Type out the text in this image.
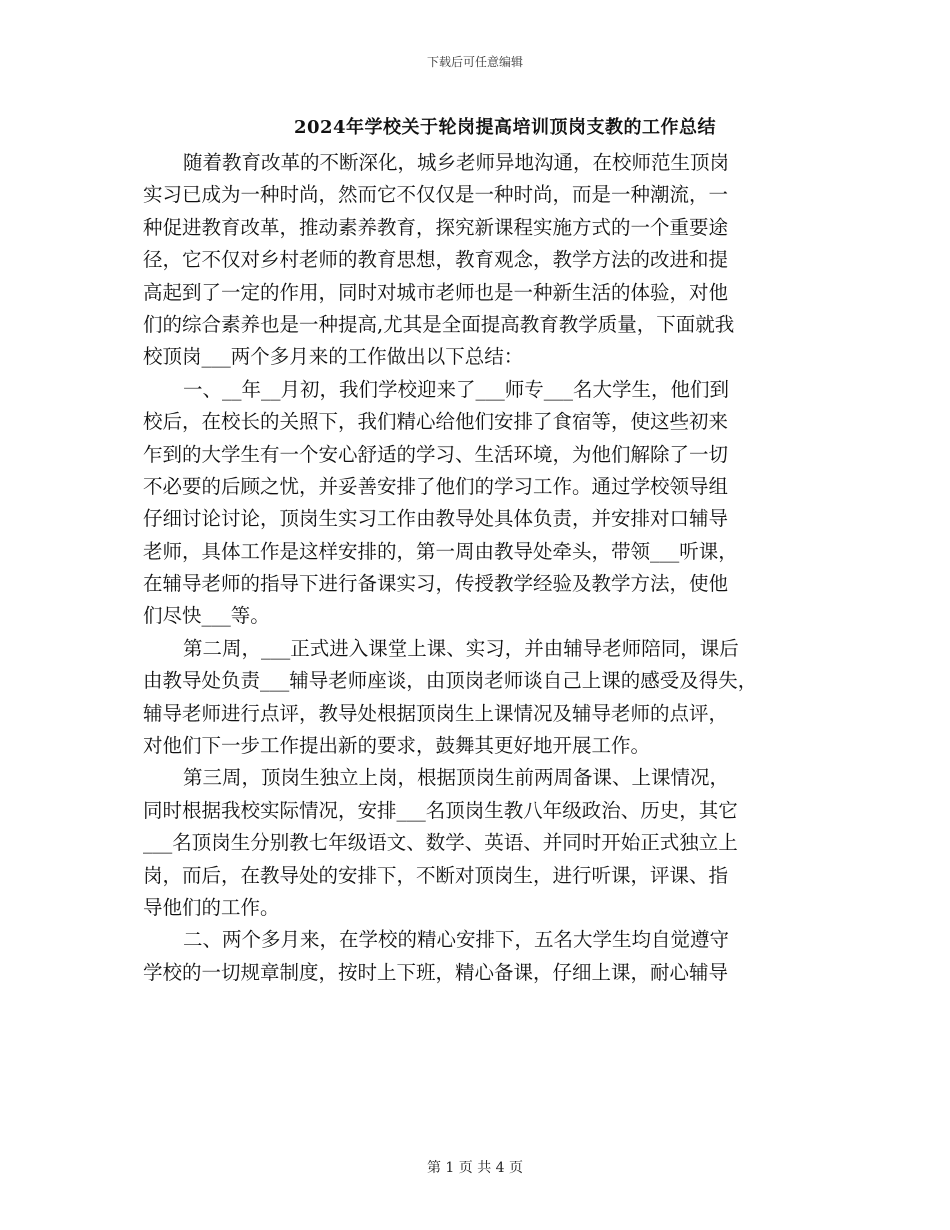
下载后可任意编辑
2024年学校关于轮岗提高培训顶岗支教的工作总结
随着教育改革的不断深化，城乡老师异地沟通，在校师范生顶岗
实习已成为一种时尚，然而它不仅仅是一种时尚，而是一种潮流，一
种促进教育改革，推动素养教育，探究新课程实施方式的一个重要途
径，它不仅对乡村老师的教育思想，教育观念，教学方法的改进和提
高起到了一定的作用，同时对城市老师也是一种新生活的体验，对他
们的综合素养也是一种提高,尤其是全面提高教育教学质量，下面就我
校顶岗___两个多月来的工作做出以下总结：
一、__年__月初，我们学校迎来了___师专___名大学生，他们到
校后，在校长的关照下，我们精心给他们安排了食宿等，使这些初来
乍到的大学生有一个安心舒适的学习、生活环境，为他们解除了一切
不必要的后顾之忧，并妥善安排了他们的学习工作。通过学校领导组
仔细讨论讨论，顶岗生实习工作由教导处具体负责，并安排对口辅导
老师，具体工作是这样安排的，第一周由教导处牵头，带领___听课，
在辅导老师的指导下进行备课实习，传授教学经验及教学方法，使他
们尽快___等。
第二周，___正式进入课堂上课、实习，并由辅导老师陪同，课后
由教导处负责___辅导老师座谈，由顶岗老师谈自己上课的感受及得失，
辅导老师进行点评，教导处根据顶岗生上课情况及辅导老师的点评，
对他们下一步工作提出新的要求，鼓舞其更好地开展工作。
第三周，顶岗生独立上岗，根据顶岗生前两周备课、上课情况，
同时根据我校实际情况，安排___名顶岗生教八年级政治、历史，其它
___名顶岗生分别教七年级语文、数学、英语、并同时开始正式独立上
岗，而后，在教导处的安排下，不断对顶岗生，进行听课，评课、指
导他们的工作。
二、两个多月来，在学校的精心安排下，五名大学生均自觉遵守
学校的一切规章制度，按时上下班，精心备课，仔细上课，耐心辅导
第 1 页 共 4 页
